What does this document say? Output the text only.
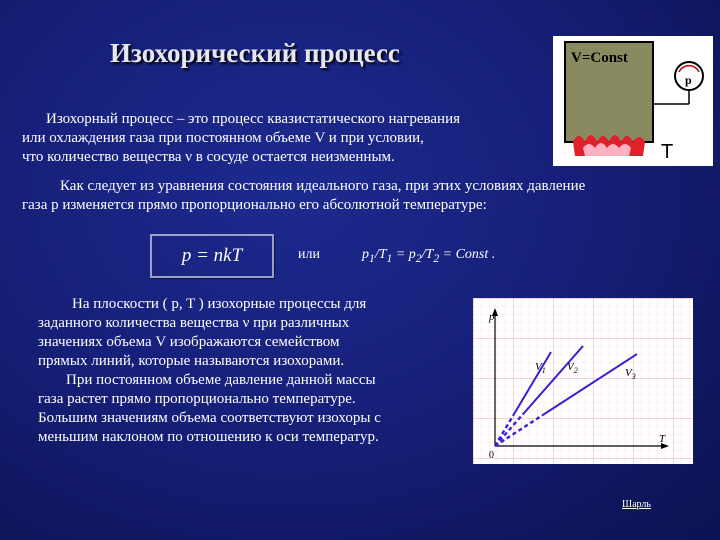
Изохорический процесс

Изохорный процесс – это процесс квазистатического нагревания
или охлаждения газа при постоянном объеме V и при условии,
что количество вещества ν в сосуде остается неизменным.

Как следует из уравнения состояния идеального газа, при этих условиях давление
газа p изменяется прямо пропорционально его абсолютной температуре:

p = nkT	или	$p_1/T_1 = p_2/T_2$ = Const .

На плоскости ( p, T ) изохорные процессы для
заданного количества вещества ν при различных
значениях объема V изображаются семейством
прямых линий, которые называются изохорами.
При постоянном объеме давление данной массы
газа растет прямо пропорционально температуре.
Большим значениям объема соответствуют изохоры с
меньшим наклоном по отношению к оси температур.

V=Const
p
T
p
T
0
$V_1$ $V_2$	$V_3$
Шарль
